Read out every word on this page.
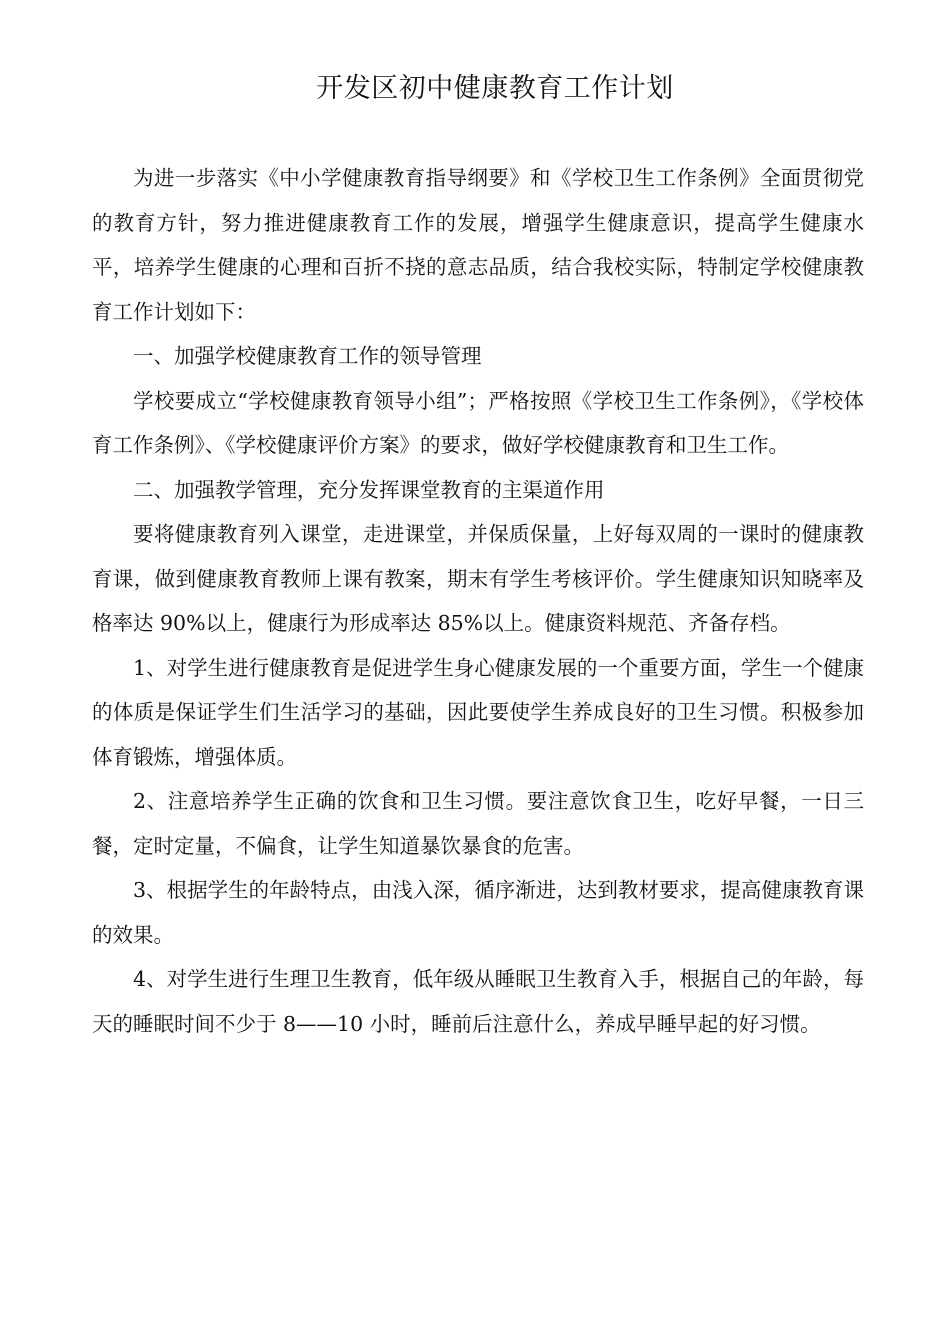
开发区初中健康教育工作计划

为进一步落实《中小学健康教育指导纲要》和《学校卫生工作条例》全面贯彻党的教育方针，努力推进健康教育工作的发展，增强学生健康意识，提高学生健康水平，培养学生健康的心理和百折不挠的意志品质，结合我校实际，特制定学校健康教育工作计划如下：

一、加强学校健康教育工作的领导管理

学校要成立“学校健康教育领导小组”；严格按照《学校卫生工作条例》，《学校体育工作条例》、《学校健康评价方案》的要求，做好学校健康教育和卫生工作。

二、加强教学管理，充分发挥课堂教育的主渠道作用

要将健康教育列入课堂，走进课堂，并保质保量，上好每双周的一课时的健康教育课，做到健康教育教师上课有教案，期末有学生考核评价。学生健康知识知晓率及格率达 90%以上，健康行为形成率达 85%以上。健康资料规范、齐备存档。

1、对学生进行健康教育是促进学生身心健康发展的一个重要方面，学生一个健康的体质是保证学生们生活学习的基础，因此要使学生养成良好的卫生习惯。积极参加体育锻炼，增强体质。

2、注意培养学生正确的饮食和卫生习惯。要注意饮食卫生，吃好早餐，一日三餐，定时定量，不偏食，让学生知道暴饮暴食的危害。

3、根据学生的年龄特点，由浅入深，循序渐进，达到教材要求，提高健康教育课的效果。

4、对学生进行生理卫生教育，低年级从睡眠卫生教育入手，根据自己的年龄，每天的睡眠时间不少于 8——10 小时，睡前后注意什么，养成早睡早起的好习惯。
